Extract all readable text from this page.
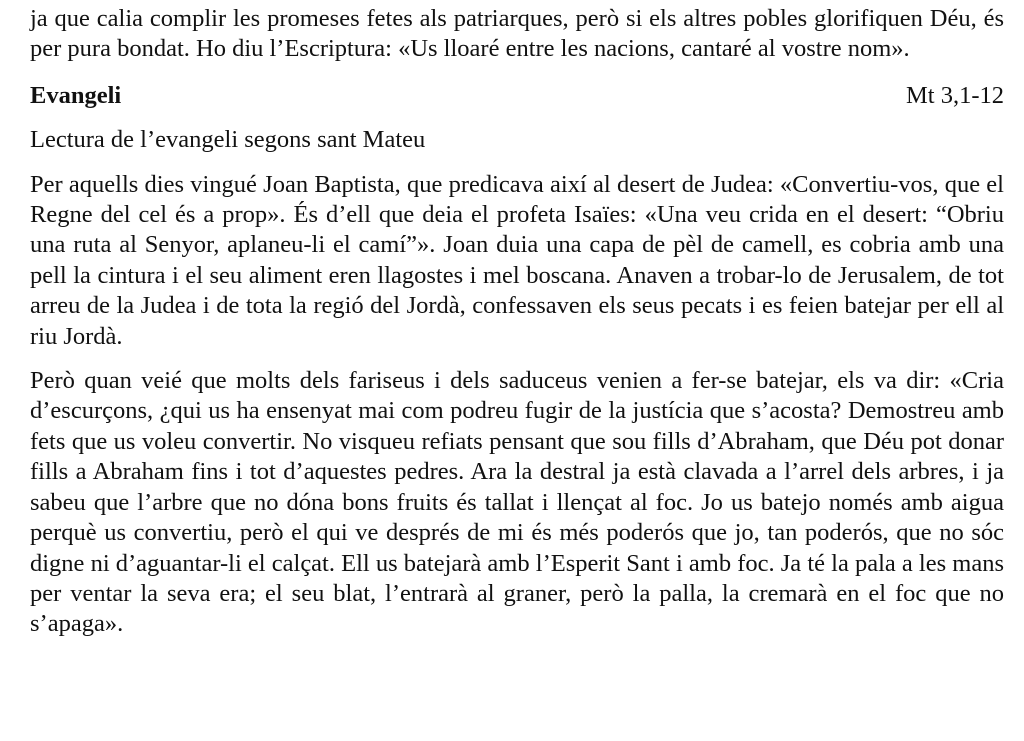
ja que calia complir les promeses fetes als patriarques, però si els altres pobles glorifiquen Déu, és per pura bondat. Ho diu l’Escriptura: «Us lloaré entre les nacions, cantaré al vostre nom».

Evangeli	Mt 3,1-12

Lectura de l’evangeli segons sant Mateu

Per aquells dies vingué Joan Baptista, que predicava així al desert de Judea: «Convertiu-vos, que el Regne del cel és a prop». És d’ell que deia el profeta Isaïes: «Una veu crida en el desert: “Obriu una ruta al Senyor, aplaneu-li el camí”». Joan duia una capa de pèl de camell, es cobria amb una pell la cintura i el seu aliment eren llagostes i mel boscana. Anaven a trobar-lo de Jerusalem, de tot arreu de la Judea i de tota la regió del Jordà, confessaven els seus pecats i es feien batejar per ell al riu Jordà.

Però quan veié que molts dels fariseus i dels saduceus venien a fer-se batejar, els va dir: «Cria d’escurçons, ¿qui us ha ensenyat mai com podreu fugir de la justícia que s’acosta? Demostreu amb fets que us voleu convertir. No visqueu refiats pensant que sou fills d’Abraham, que Déu pot donar fills a Abraham fins i tot d’aquestes pedres. Ara la destral ja està clavada a l’arrel dels arbres, i ja sabeu que l’arbre que no dóna bons fruits és tallat i llençat al foc. Jo us batejo només amb aigua perquè us convertiu, però el qui ve després de mi és més poderós que jo, tan poderós, que no sóc digne ni d’aguantar-li el calçat. Ell us batejarà amb l’Esperit Sant i amb foc. Ja té la pala a les mans per ventar la seva era; el seu blat, l’entrarà al graner, però la palla, la cremarà en el foc que no s’apaga».
